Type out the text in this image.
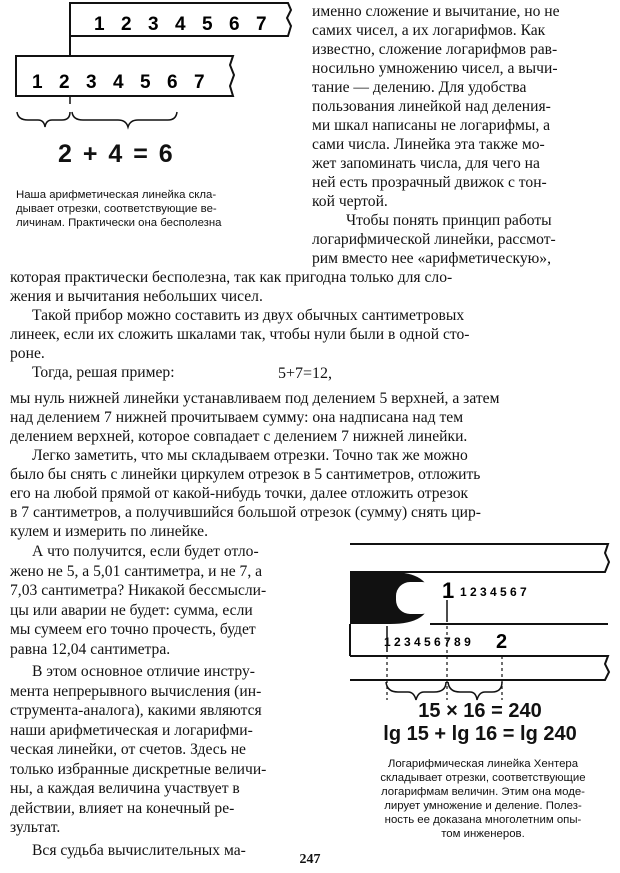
1 2 3 4 5 6 7
1 2 3 4 5 6 7
2 + 4 = 6
Наша арифметическая линейка скла-
дывает отрезки, соответствующие ве-
личинам. Практически она бесполезна
именно сложение и вычитание, но не
самих чисел, а их логарифмов. Как
известно, сложение логарифмов рав-
носильно умножению чисел, а вычи-
тание — делению. Для удобства
пользования линейкой над деления-
ми шкал написаны не логарифмы, а
сами числа. Линейка эта также мо-
жет запоминать числа, для чего на
ней есть прозрачный движок с тон-
кой чертой.
Чтобы понять принцип работы
логарифмической линейки, рассмот-
рим вместо нее «арифметическую»,
которая практически бесполезна, так как пригодна только для сло-
жения и вычитания небольших чисел.
Такой прибор можно составить из двух обычных сантиметровых
линеек, если их сложить шкалами так, чтобы нули были в одной сто-
роне.
Тогда, решая пример:	5+7=12,
мы нуль нижней линейки устанавливаем под делением 5 верхней, а затем
над делением 7 нижней прочитываем сумму: она надписана над тем
делением верхней, которое совпадает с делением 7 нижней линейки.
Легко заметить, что мы складываем отрезки. Точно так же можно
было бы снять с линейки циркулем отрезок в 5 сантиметров, отложить
его на любой прямой от какой-нибудь точки, далее отложить отрезок
в 7 сантиметров, а получившийся большой отрезок (сумму) снять цир-
кулем и измерить по линейке.
А что получится, если будет отло-
жено не 5, а 5,01 сантиметра, и не 7, а
7,03 сантиметра? Никакой бессмысли-
цы или аварии не будет: сумма, если
мы сумеем его точно прочесть, будет
равна 12,04 сантиметра.
В этом основное отличие инстру-
мента непрерывного вычисления (ин-
струмента-аналога), какими являются
наши арифметическая и логарифми-
ческая линейки, от счетов. Здесь не
только избранные дискретные величи-
ны, а каждая величина участвует в
действии, влияет на конечный ре-
зультат.
Вся судьба вычислительных ма-
1 1 2 3 4 5 6 7
1 2 3 4 5 6 7 8 9 2
15 × 16 = 240
lg 15 + lg 16 = lg 240
Логарифмическая линейка Хентера
складывает отрезки, соответствующие
логарифмам величин. Этим она моде-
лирует умножение и деление. Полез-
ность ее доказана многолетним опы-
том инженеров.
247
